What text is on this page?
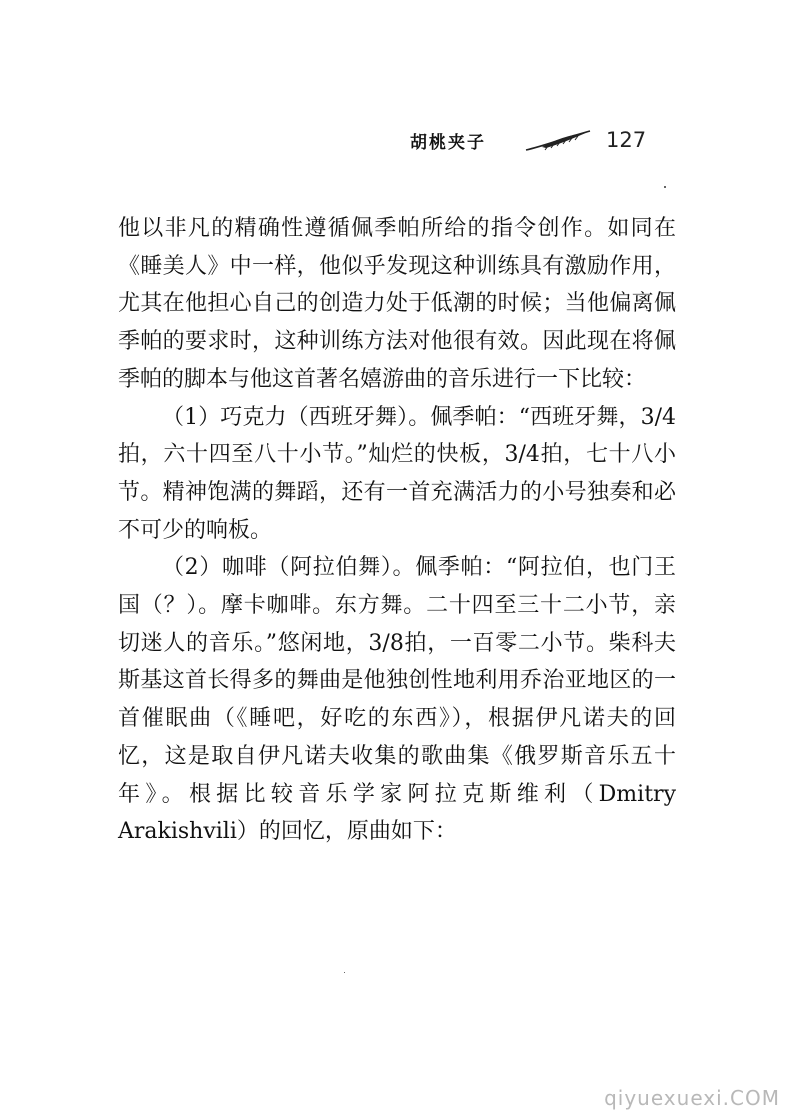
胡桃夹子	127

他以非凡的精确性遵循佩季帕所给的指令创作。如同在《睡美人》中一样，他似乎发现这种训练具有激励作用，尤其在他担心自己的创造力处于低潮的时候；当他偏离佩季帕的要求时，这种训练方法对他很有效。因此现在将佩季帕的脚本与他这首著名嬉游曲的音乐进行一下比较：

（1）巧克力（西班牙舞）。佩季帕：“西班牙舞，3/4拍，六十四至八十小节。”灿烂的快板，3/4拍，七十八小节。精神饱满的舞蹈，还有一首充满活力的小号独奏和必不可少的响板。

（2）咖啡（阿拉伯舞）。佩季帕：“阿拉伯，也门王国（？）。摩卡咖啡。东方舞。二十四至三十二小节，亲切迷人的音乐。”悠闲地，3/8拍，一百零二小节。柴科夫斯基这首长得多的舞曲是他独创性地利用乔治亚地区的一首催眠曲（《睡吧，好吃的东西》），根据伊凡诺夫的回忆，这是取自伊凡诺夫收集的歌曲集《俄罗斯音乐五十年》。根据比较音乐学家阿拉克斯维利（Dmitry Arakishvili）的回忆，原曲如下：

qiyuexuexi.COM
